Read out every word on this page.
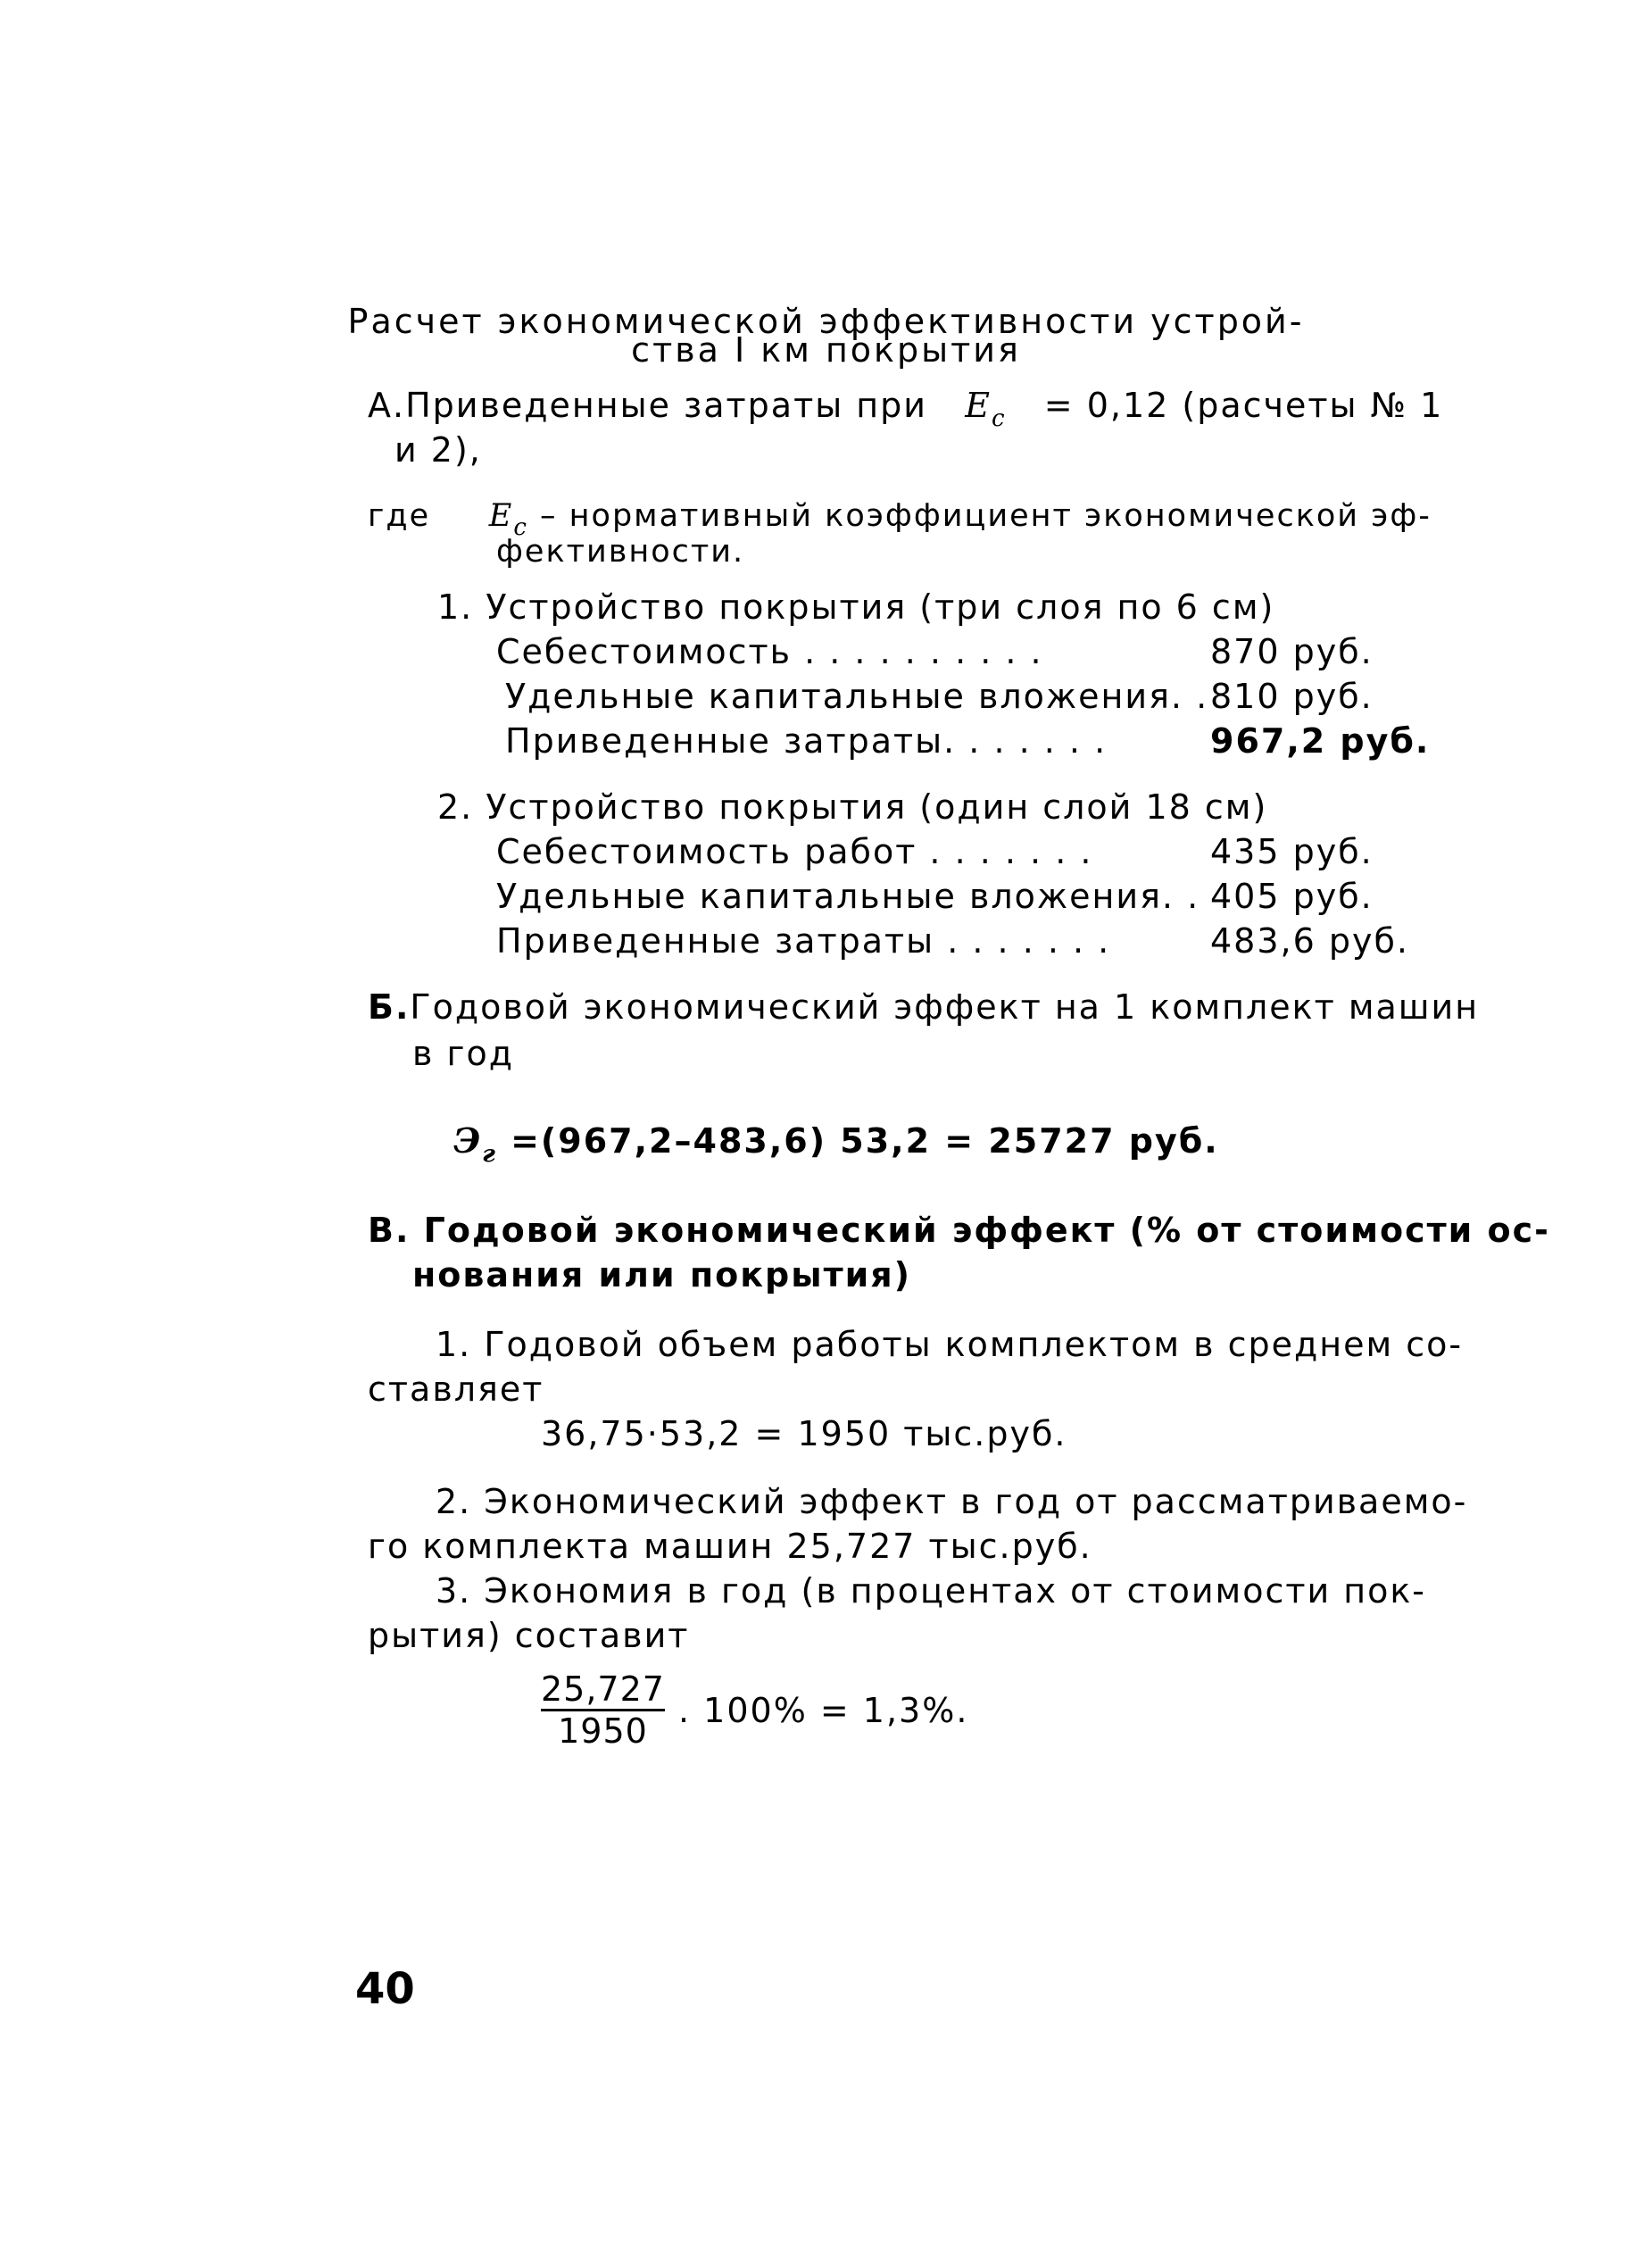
Расчет экономической эффективности устрой-
ства I км покрытия
А.Приведенные затраты при $Е_с = 0,12$ (расчеты № 1
и 2),
где $Е_с$ – нормативный коэффициент экономической эф-
фективности.
1. Устройство покрытия (три слоя по 6 см)
Себестоимость . . . . . . . . . .	870 руб.
Удельные капитальные вложения. .810 руб.
Приведенные затраты. . . . . . .	967,2 руб.
2. Устройство покрытия (один слой 18 см)
Себестоимость работ . . . . . . .	435 руб.
Удельные капитальные вложения. . 405 руб.
Приведенные затраты . . . . . . .	483,6 руб.
Б.Годовой экономический эффект на 1 комплект машин
в год
$Э_г =(967,2-483,6) 53,2 = 25727$ руб.
В. Годовой экономический эффект (% от стоимости ос-
нования или покрытия)
1. Годовой объем работы комплектом в среднем со-
ставляет
36,75·53,2 = 1950 тыс.руб.
2. Экономический эффект в год от рассматриваемо-
го комплекта машин 25,727 тыс.руб.
3. Экономия в год (в процентах от стоимости пок-
рытия) составит
25,727
1950
. 100% = 1,3%.
40
